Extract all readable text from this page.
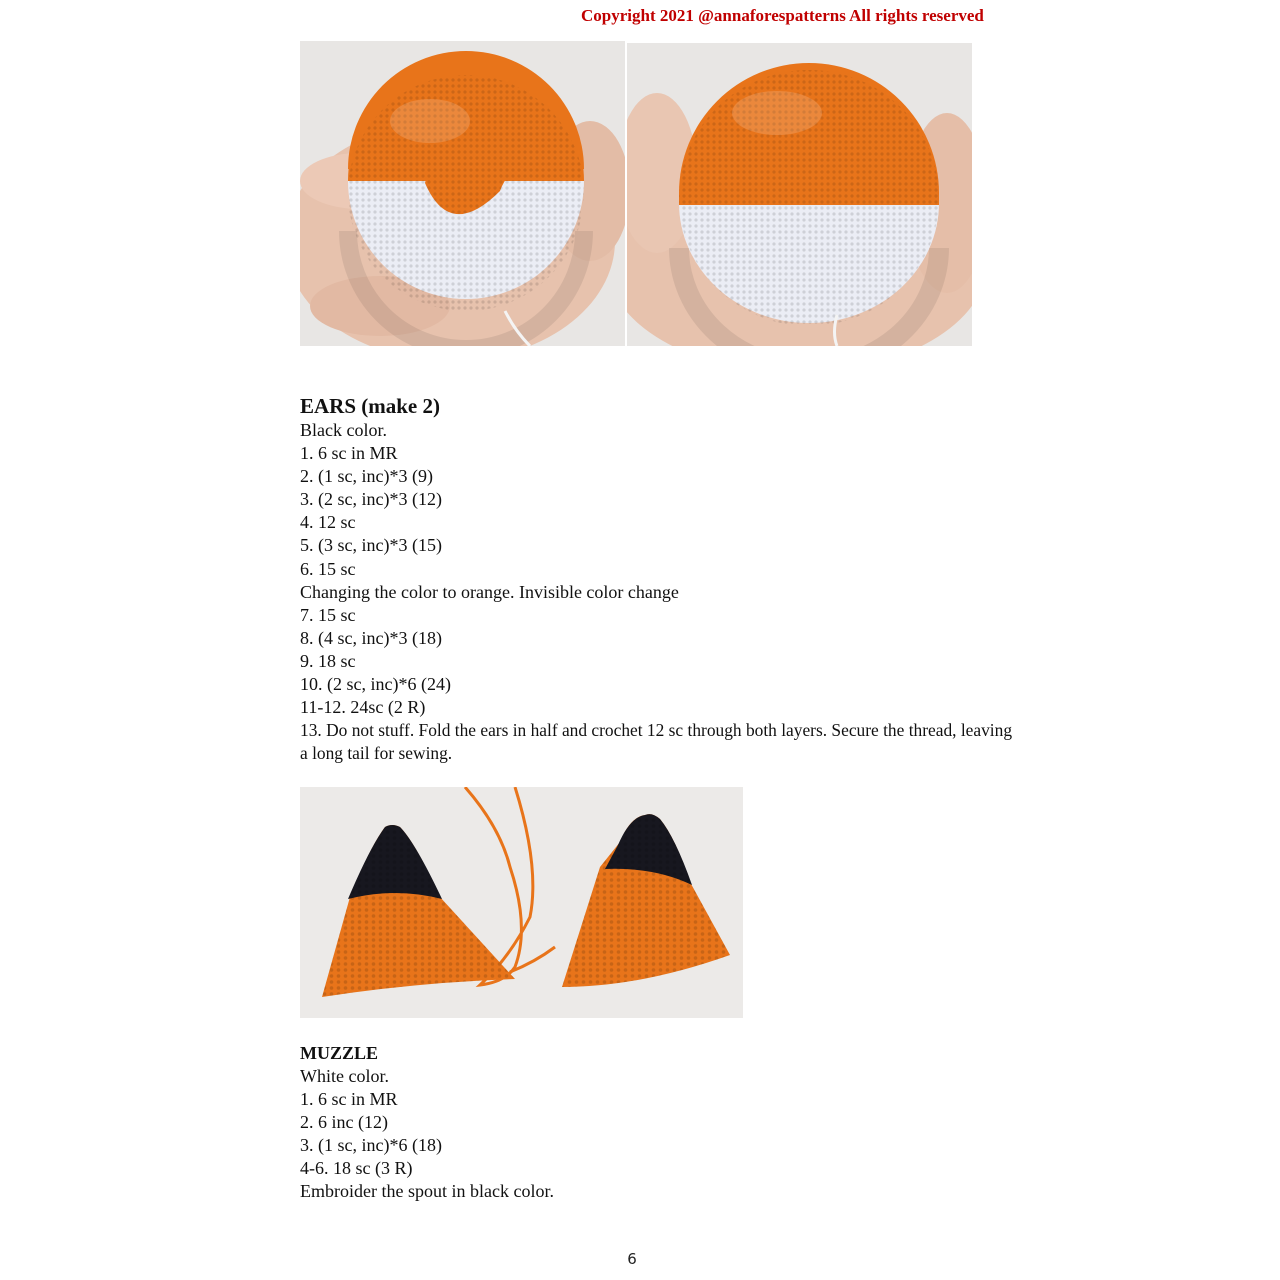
Copyright 2021 @annaforespatterns All rights reserved
EARS (make 2)
Black color.
1. 6 sc in MR
2. (1 sc, inc)*3 (9)
3. (2 sc, inc)*3 (12)
4. 12 sc
5. (3 sc, inc)*3 (15)
6. 15 sc
Changing the color to orange. Invisible color change
7. 15 sc
8. (4 sc, inc)*3 (18)
9. 18 sc
10. (2 sc, inc)*6 (24)
11-12. 24sc (2 R)
13. Do not stuff. Fold the ears in half and crochet 12 sc through both layers. Secure the thread, leaving a long tail for sewing.
MUZZLE
White color.
1. 6 sc in MR
2. 6 inc (12)
3. (1 sc, inc)*6 (18)
4-6. 18 sc (3 R)
Embroider the spout in black color.
6
